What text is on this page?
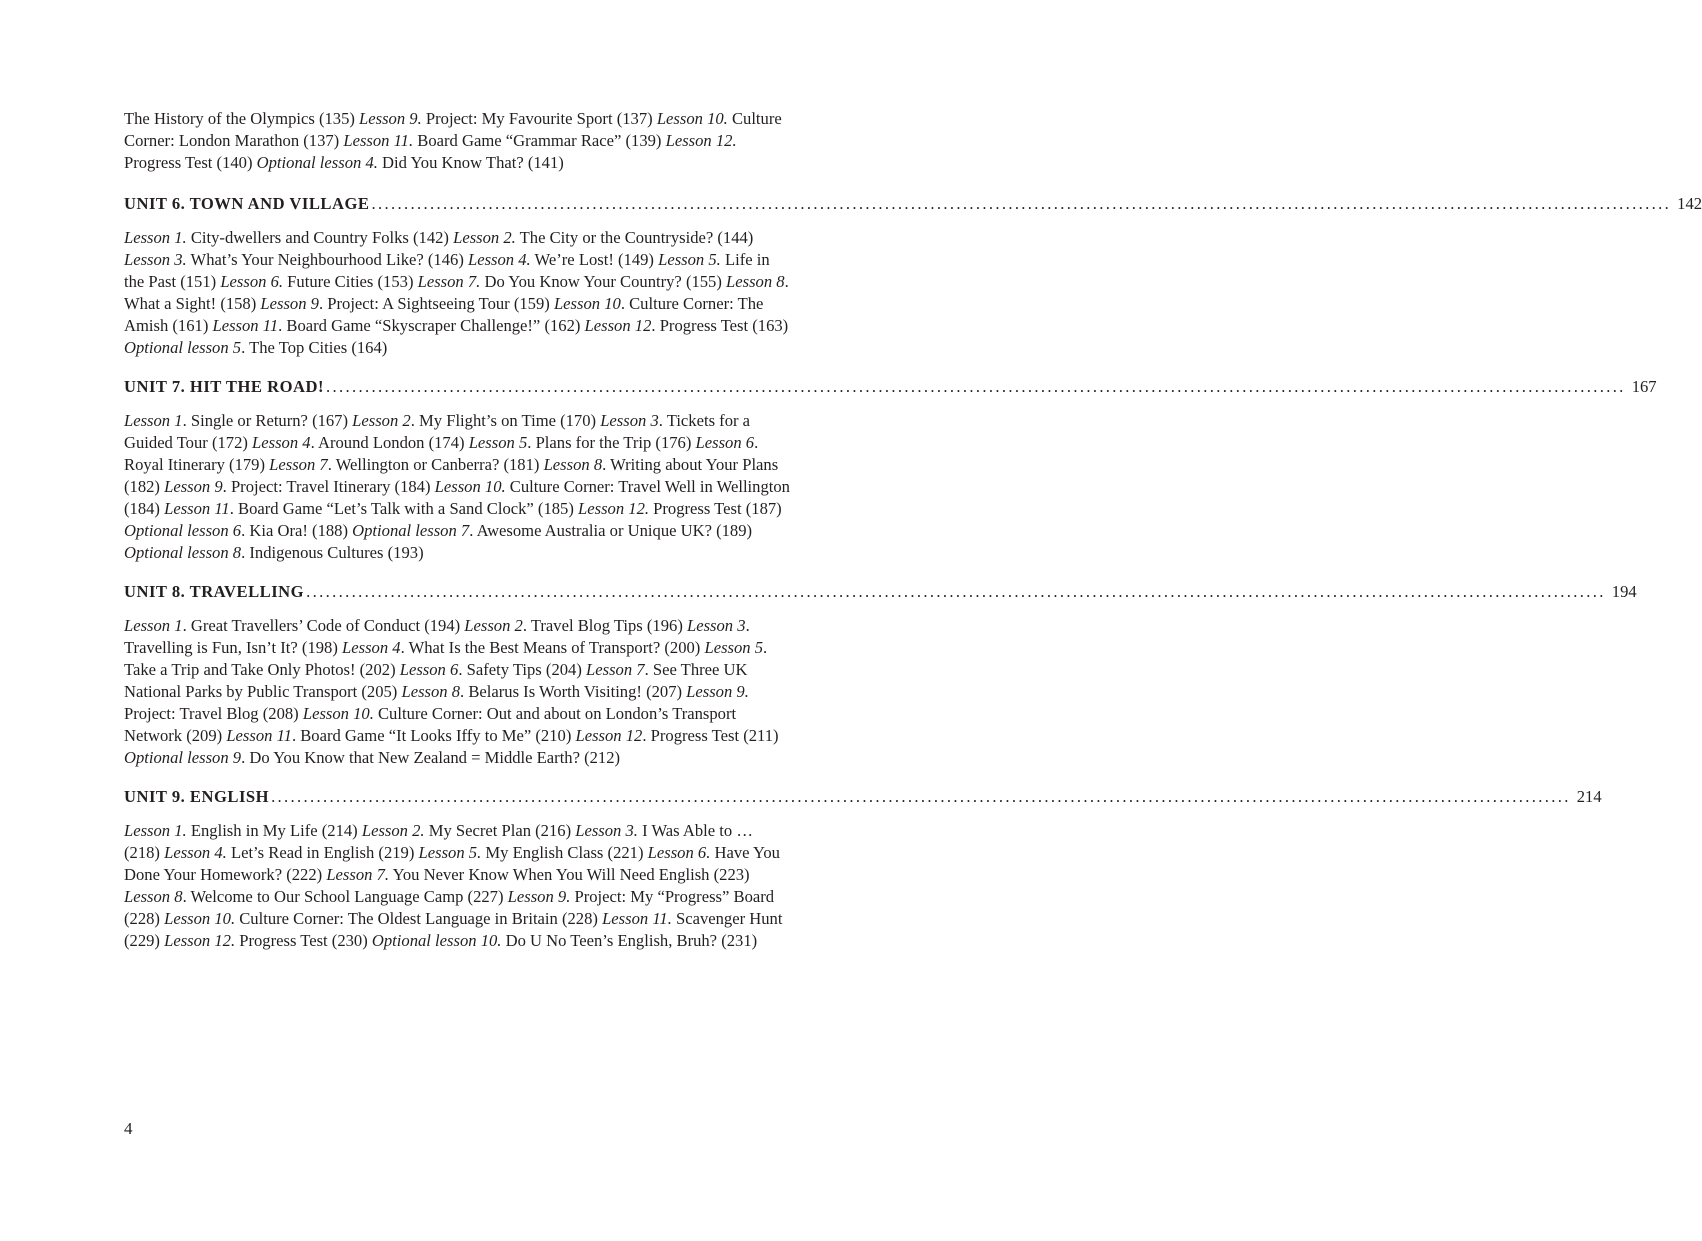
The History of the Olympics (135) Lesson 9. Project: My Favourite Sport (137) Lesson 10. Culture Corner: London Marathon (137) Lesson 11. Board Game “Grammar Race” (139) Lesson 12. Progress Test (140) Optional lesson 4. Did You Know That? (141)

UNIT 6. TOWN AND VILLAGE ........................................................................................................................................................................................................ 142

Lesson 1. City-dwellers and Country Folks (142) Lesson 2. The City or the Countryside? (144) Lesson 3. What’s Your Neighbourhood Like? (146) Lesson 4. We’re Lost! (149) Lesson 5. Life in the Past (151) Lesson 6. Future Cities (153) Lesson 7. Do You Know Your Country? (155) Lesson 8. What a Sight! (158) Lesson 9. Project: A Sightseeing Tour (159) Lesson 10. Culture Corner: The Amish (161) Lesson 11. Board Game “Skyscraper Challenge!” (162) Lesson 12. Progress Test (163) Optional lesson 5. The Top Cities (164)

UNIT 7. HIT THE ROAD! ........................................................................................................................................................................................................ 167

Lesson 1. Single or Return? (167) Lesson 2. My Flight’s on Time (170) Lesson 3. Tickets for a Guided Tour (172) Lesson 4. Around London (174) Lesson 5. Plans for the Trip (176) Lesson 6. Royal Itinerary (179) Lesson 7. Wellington or Canberra? (181) Lesson 8. Writing about Your Plans (182) Lesson 9. Project: Travel Itinerary (184) Lesson 10. Culture Corner: Travel Well in Wellington (184) Lesson 11. Board Game “Let’s Talk with a Sand Clock” (185) Lesson 12. Progress Test (187) Optional lesson 6. Kia Ora! (188) Optional lesson 7. Awesome Australia or Unique UK? (189) Optional lesson 8. Indigenous Cultures (193)

UNIT 8. TRAVELLING ........................................................................................................................................................................................................ 194

Lesson 1. Great Travellers’ Code of Conduct (194) Lesson 2. Travel Blog Tips (196) Lesson 3. Travelling is Fun, Isn’t It? (198) Lesson 4. What Is the Best Means of Transport? (200) Lesson 5. Take a Trip and Take Only Photos! (202) Lesson 6. Safety Tips (204) Lesson 7. See Three UK National Parks by Public Transport (205) Lesson 8. Belarus Is Worth Visiting! (207) Lesson 9. Project: Travel Blog (208) Lesson 10. Culture Corner: Out and about on London’s Transport Network (209) Lesson 11. Board Game “It Looks Iffy to Me” (210) Lesson 12. Progress Test (211) Optional lesson 9. Do You Know that New Zealand = Middle Earth? (212)

UNIT 9. ENGLISH ........................................................................................................................................................................................................ 214

Lesson 1. English in My Life (214) Lesson 2. My Secret Plan (216) Lesson 3. I Was Able to … (218) Lesson 4. Let’s Read in English (219) Lesson 5. My English Class (221) Lesson 6. Have You Done Your Homework? (222) Lesson 7. You Never Know When You Will Need English (223) Lesson 8. Welcome to Our School Language Camp (227) Lesson 9. Project: My “Progress” Board (228) Lesson 10. Culture Corner: The Oldest Language in Britain (228) Lesson 11. Scavenger Hunt (229) Lesson 12. Progress Test (230) Optional lesson 10. Do U No Teen’s English, Bruh? (231)

4
